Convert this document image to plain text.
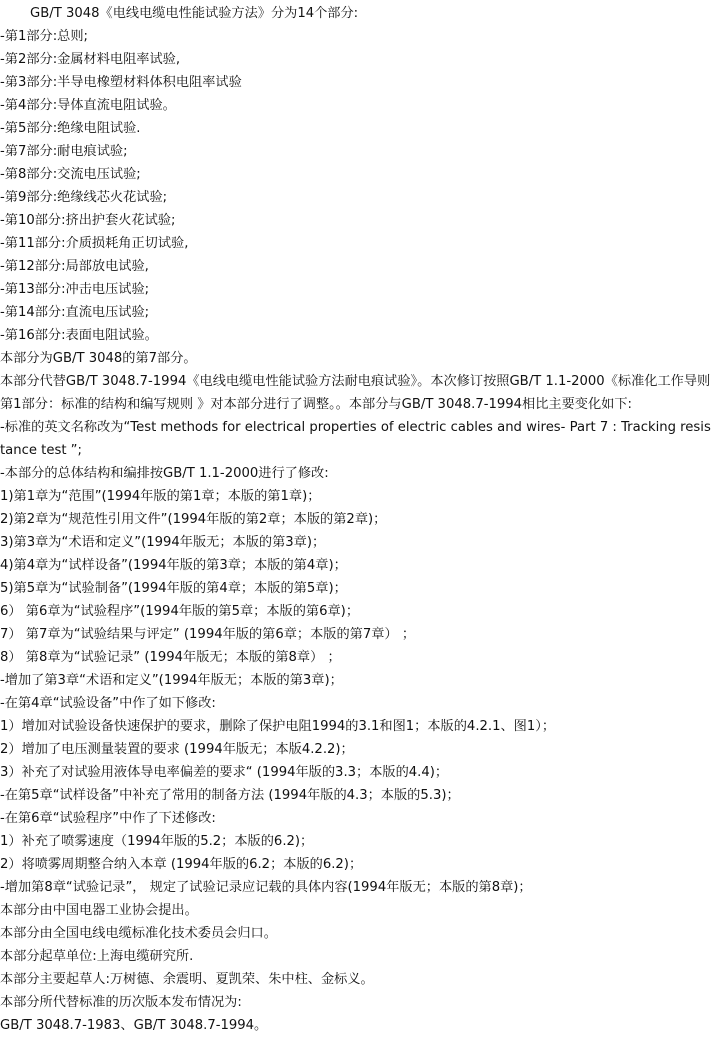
GB/T 3048《电线电缆电性能试验方法》分为14个部分:
-第1部分:总则;
-第2部分:金属材料电阻率试验,
-第3部分:半导电橡塑材料体积电阻率试验
-第4部分:导体直流电阻试验。
-第5部分:绝缘电阻试验.
-第7部分:耐电痕试验;
-第8部分:交流电压试验;
-第9部分:绝缘线芯火花试验;
-第10部分:挤出护套火花试验;
-第11部分:介质损耗角正切试验,
-第12部分:局部放电试验,
-第13部分:冲击电压试验;
-第14部分:直流电压试验;
-第16部分:表面电阻试验。
本部分为GB/T 3048的第7部分。
本部分代替GB/T 3048.7-1994《电线电缆电性能试验方法耐电痕试验》。本次修订按照GB/T 1.1-2000《标准化工作导则 第1部分：标准的结构和编写规则 》对本部分进行了调整。。本部分与GB/T 3048.7-1994相比主要变化如下:
-标准的英文名称改为“Test methods for electrical properties of electric cables and wires- Part 7 : Tracking resistance test ”;
-本部分的总体结构和编排按GB/T 1.1-2000进行了修改:
1)第1章为“范围”(1994年版的第1章；本版的第1章)；
2)第2章为“规范性引用文件”(1994年版的第2章；本版的第2章)；
3)第3章为“术语和定义”(1994年版无；本版的第3章)；
4)第4章为“试样设备”(1994年版的第3章；本版的第4章)；
5)第5章为“试验制备”(1994年版的第4章；本版的第5章)；
6） 第6章为“试验程序”(1994年版的第5章；本版的第6章)；
7） 第7章为“试验结果与评定” (1994年版的第6章；本版的第7章） ；
8） 第8章为“试验记录” (1994年版无；本版的第8章） ；
-增加了第3章“术语和定义”(1994年版无；本版的第3章)；
-在第4章“试验设备”中作了如下修改:
1）增加对试验设备快速保护的要求，删除了保护电阻1994的3.1和图1；本版的4.2.1、图1）；
2）增加了电压测量装置的要求 (1994年版无；本版4.2.2)；
3）补充了对试验用液体导电率偏差的要求“ (1994年版的3.3；本版的4.4)；
-在第5章“试样设备”中补充了常用的制备方法 (1994年版的4.3；本版的5.3)；
-在第6章“试验程序”中作了下述修改:
1）补充了喷雾速度（1994年版的5.2；本版的6.2)；
2）将喷雾周期整合纳入本章 (1994年版的6.2；本版的6.2)；
-增加第8章“试验记录”， 规定了试验记录应记载的具体内容(1994年版无；本版的第8章)；
本部分由中国电器工业协会提出。
本部分由全国电线电缆标准化技术委员会归口。
本部分起草单位:上海电缆研究所.
本部分主要起草人:万树德、余震明、夏凯荣、朱中柱、金标义。
本部分所代替标准的历次版本发布情况为:
GB/T 3048.7-1983、GB/T 3048.7-1994。
